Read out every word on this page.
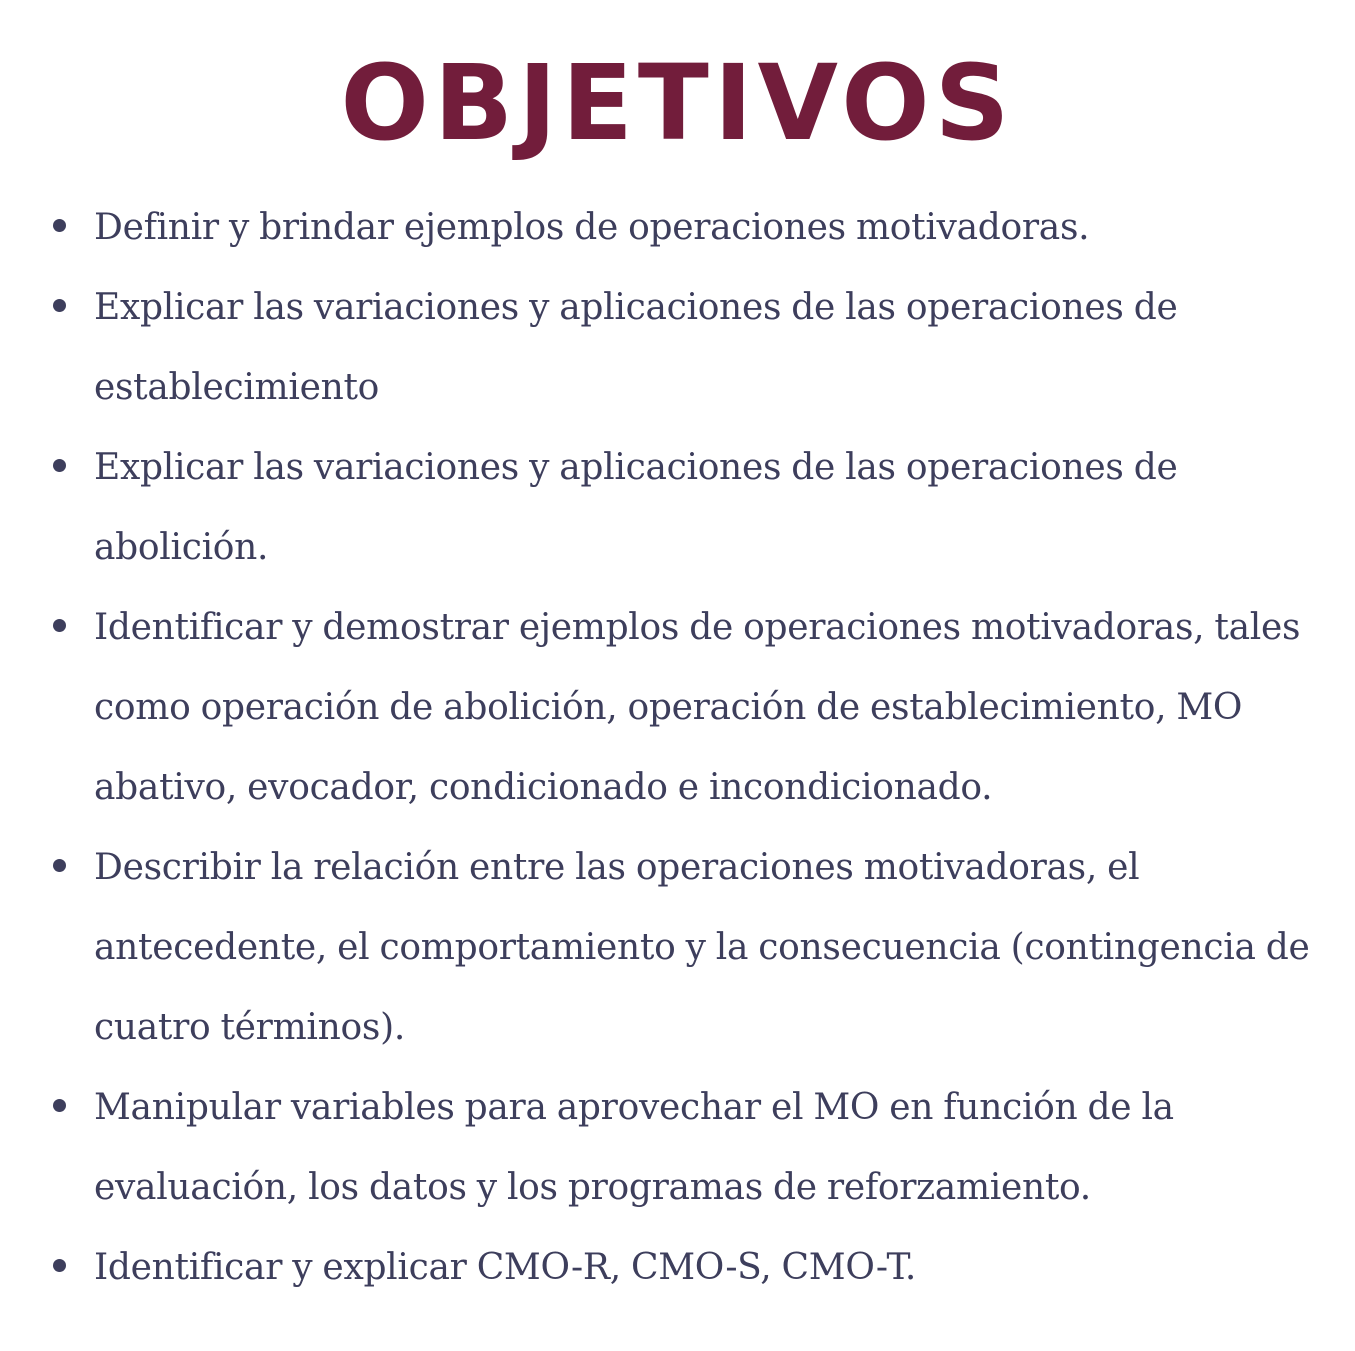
OBJETIVOS
Definir y brindar ejemplos de operaciones motivadoras.
Explicar las variaciones y aplicaciones de las operaciones de establecimiento
Explicar las variaciones y aplicaciones de las operaciones de abolición.
Identificar y demostrar ejemplos de operaciones motivadoras, tales como operación de abolición, operación de establecimiento, MO abativo, evocador, condicionado e incondicionado.
Describir la relación entre las operaciones motivadoras, el antecedente, el comportamiento y la consecuencia (contingencia de cuatro términos).
Manipular variables para aprovechar el MO en función de la evaluación, los datos y los programas de reforzamiento.
Identificar y explicar CMO-R, CMO-S, CMO-T.
